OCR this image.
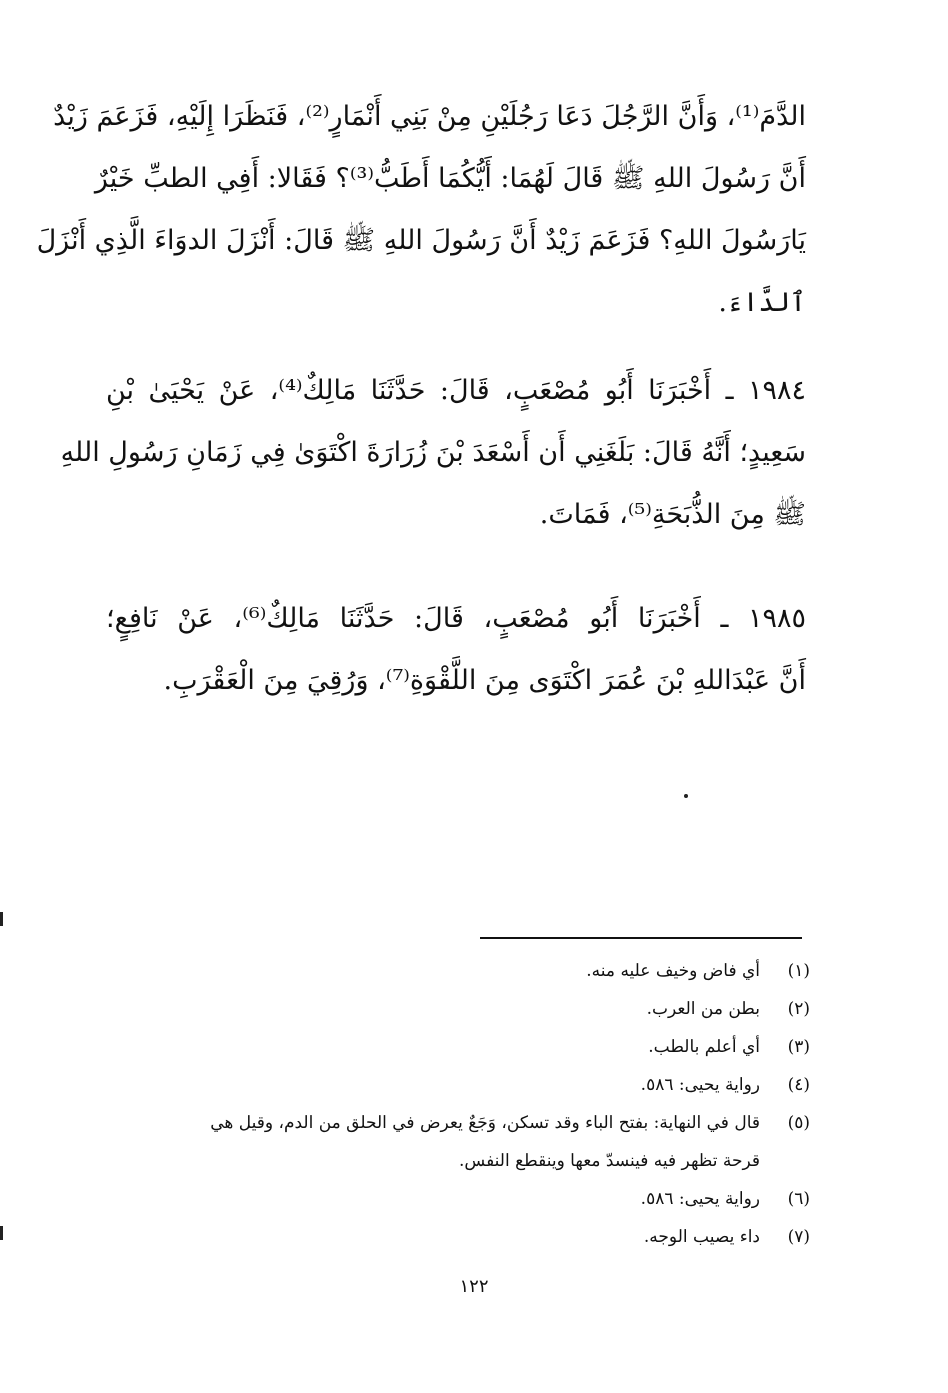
الدَّمَ⁽¹⁾، وَأَنَّ الرَّجُلَ دَعَا رَجُلَيْنِ مِنْ بَنِي أَنْمَارٍ⁽²⁾، فَنَظَرَا إِلَيْهِ، فَزَعَمَ زَيْدٌ
أَنَّ رَسُولَ اللهِ ﷺ قَالَ لَهُمَا: أَيُّكُمَا أَطَبُّ⁽³⁾؟ فَقَالا: أَفِي الطبِّ خَيْرٌ
يَارَسُولَ اللهِ؟ فَزَعَمَ زَيْدٌ أَنَّ رَسُولَ اللهِ ﷺ قَالَ: أَنْزَلَ الدوَاءَ الَّذِي أَنْزَلَ
ٱلدَّاءَ.
١٩٨٤ ـ أَخْبَرَنَا أَبُو مُصْعَبٍ، قَالَ: حَدَّثَنَا مَالِكٌ⁽⁴⁾، عَنْ يَحْيَىٰ بْنِ
سَعِيدٍ؛ أَنَّهُ قَالَ: بَلَغَنِي أَن أَسْعَدَ بْنَ زُرَارَةَ اكْتَوَىٰ فِي زَمَانِ رَسُولِ اللهِ
ﷺ مِنَ الذُّبَحَةِ⁽⁵⁾، فَمَاتَ.
١٩٨٥ ـ أَخْبَرَنَا أَبُو مُصْعَبٍ، قَالَ: حَدَّثَنَا مَالِكٌ⁽⁶⁾، عَنْ نَافِعٍ؛
أَنَّ عَبْدَاللهِ بْنَ عُمَرَ اكْتَوَى مِنَ اللَّقْوَةِ⁽⁷⁾، وَرُقِيَ مِنَ الْعَقْرَبِ.
(١)
أي فاض وخيف عليه منه.
(٢)
بطن من العرب.
(٣)
أي أعلم بالطب.
(٤)
رواية يحيى: ٥٨٦.
(٥)
قال في النهاية: بفتح الباء وقد تسكن، وَجَعٌ يعرض في الحلق من الدم، وقيل هي
قرحة تظهر فيه فينسدّ معها وينقطع النفس.
(٦)
رواية يحيى: ٥٨٦.
(٧)
داء يصيب الوجه.
١٢٢
